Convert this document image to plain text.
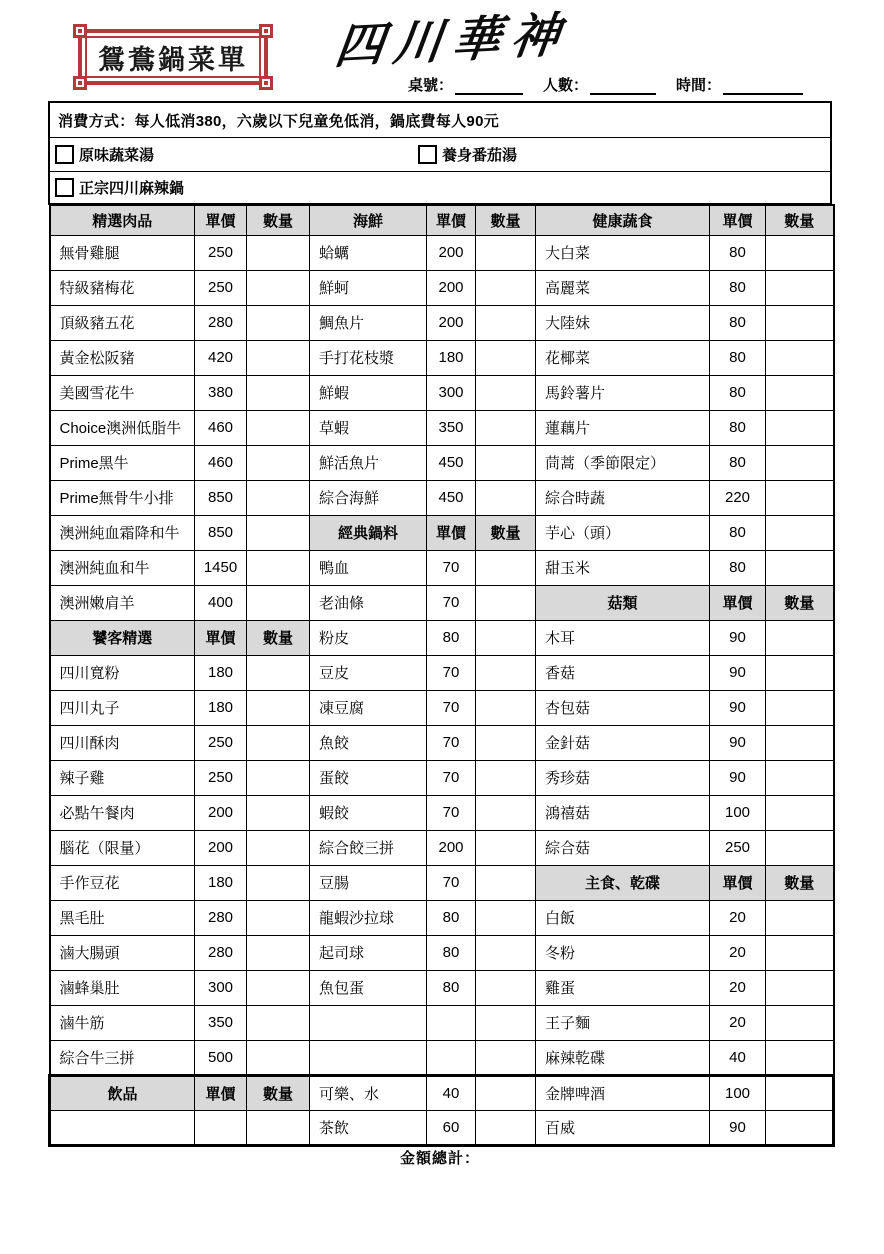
鴛鴦鍋菜單	四川華神
桌號：	人數：	時間：
消費方式：每人低消380，六歲以下兒童免低消，鍋底費每人90元
原味蔬菜湯	養身番茄湯
正宗四川麻辣鍋
精選肉品	單價	數量	海鮮	單價	數量	健康蔬食	單價	數量
無骨雞腿	250		蛤蠣	200		大白菜	80	
特級豬梅花	250		鮮蚵	200		高麗菜	80	
頂級豬五花	280		鯛魚片	200		大陸妹	80	
黃金松阪豬	420		手打花枝漿	180		花椰菜	80	
美國雪花牛	380		鮮蝦	300		馬鈴薯片	80	
Choice澳洲低脂牛	460		草蝦	350		蓮藕片	80	
Prime黑牛	460		鮮活魚片	450		茼蒿（季節限定）	80	
Prime無骨牛小排	850		綜合海鮮	450		綜合時蔬	220	
澳洲純血霜降和牛	850		經典鍋料	單價	數量	芋心（頭）	80	
澳洲純血和牛	1450		鴨血	70		甜玉米	80	
澳洲嫩肩羊	400		老油條	70		菇類	單價	數量
饕客精選	單價	數量	粉皮	80		木耳	90	
四川寬粉	180		豆皮	70		香菇	90	
四川丸子	180		凍豆腐	70		杏包菇	90	
四川酥肉	250		魚餃	70		金針菇	90	
辣子雞	250		蛋餃	70		秀珍菇	90	
必點午餐肉	200		蝦餃	70		鴻禧菇	100	
腦花（限量）	200		綜合餃三拼	200		綜合菇	250	
手作豆花	180		豆腸	70		主食、乾碟	單價	數量
黑毛肚	280		龍蝦沙拉球	80		白飯	20	
滷大腸頭	280		起司球	80		冬粉	20	
滷蜂巢肚	300		魚包蛋	80		雞蛋	20	
滷牛筋	350					王子麵	20	
綜合牛三拼	500					麻辣乾碟	40	
飲品	單價	數量	可樂、水	40		金牌啤酒	100	
			茶飲	60		百威	90	
金額總計：
